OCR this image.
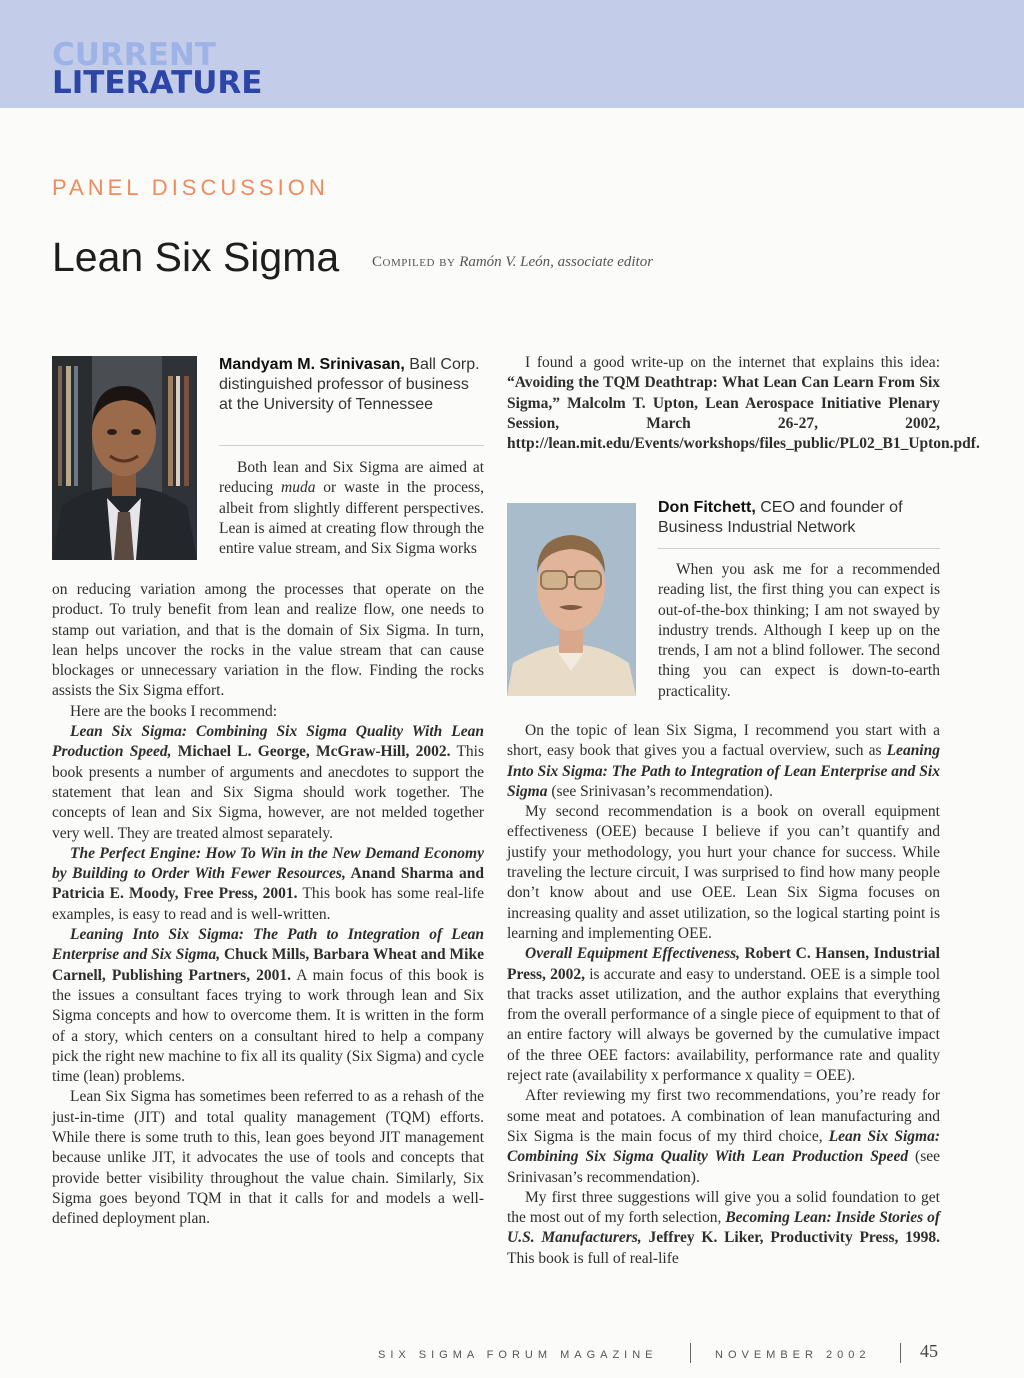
CURRENT
LITERATURE
PANEL DISCUSSION
Lean Six Sigma Compiled by Ramón V. León, associate editor
Mandyam M. Srinivasan, Ball Corp. distinguished professor of business at the University of Tennessee

Both lean and Six Sigma are aimed at reducing muda or waste in the process, albeit from slightly different perspectives. Lean is aimed at creating flow through the entire value stream, and Six Sigma works

on reducing variation among the processes that operate on the product. To truly benefit from lean and realize flow, one needs to stamp out variation, and that is the domain of Six Sigma. In turn, lean helps uncover the rocks in the value stream that can cause blockages or unnecessary variation in the flow. Finding the rocks assists the Six Sigma effort.

Here are the books I recommend:

Lean Six Sigma: Combining Six Sigma Quality With Lean Production Speed, Michael L. George, McGraw-Hill, 2002. This book presents a number of arguments and anecdotes to support the statement that lean and Six Sigma should work together. The concepts of lean and Six Sigma, however, are not melded together very well. They are treated almost separately.

The Perfect Engine: How To Win in the New Demand Economy by Building to Order With Fewer Resources, Anand Sharma and Patricia E. Moody, Free Press, 2001. This book has some real-life examples, is easy to read and is well-written.

Leaning Into Six Sigma: The Path to Integration of Lean Enterprise and Six Sigma, Chuck Mills, Barbara Wheat and Mike Carnell, Publishing Partners, 2001. A main focus of this book is the issues a consultant faces trying to work through lean and Six Sigma concepts and how to overcome them. It is written in the form of a story, which centers on a consultant hired to help a company pick the right new machine to fix all its quality (Six Sigma) and cycle time (lean) problems.

Lean Six Sigma has sometimes been referred to as a rehash of the just-in-time (JIT) and total quality management (TQM) efforts. While there is some truth to this, lean goes beyond JIT management because unlike JIT, it advocates the use of tools and concepts that provide better visibility throughout the value chain. Similarly, Six Sigma goes beyond TQM in that it calls for and models a well-defined deployment plan.

I found a good write-up on the internet that explains this idea: “Avoiding the TQM Deathtrap: What Lean Can Learn From Six Sigma,” Malcolm T. Upton, Lean Aerospace Initiative Plenary Session, March 26-27, 2002, http://lean.mit.edu/Events/workshops/files_public/PL02_B1_Upton.pdf.

Don Fitchett, CEO and founder of Business Industrial Network

When you ask me for a recommended reading list, the first thing you can expect is out-of-the-box thinking; I am not swayed by industry trends. Although I keep up on the trends, I am not a blind follower. The second thing you can expect is down-to-earth practicality.

On the topic of lean Six Sigma, I recommend you start with a short, easy book that gives you a factual overview, such as Leaning Into Six Sigma: The Path to Integration of Lean Enterprise and Six Sigma (see Srinivasan’s recommendation).

My second recommendation is a book on overall equipment effectiveness (OEE) because I believe if you can’t quantify and justify your methodology, you hurt your chance for success. While traveling the lecture circuit, I was surprised to find how many people don’t know about and use OEE. Lean Six Sigma focuses on increasing quality and asset utilization, so the logical starting point is learning and implementing OEE.

Overall Equipment Effectiveness, Robert C. Hansen, Industrial Press, 2002, is accurate and easy to understand. OEE is a simple tool that tracks asset utilization, and the author explains that everything from the overall performance of a single piece of equipment to that of an entire factory will always be governed by the cumulative impact of the three OEE factors: availability, performance rate and quality reject rate (availability x performance x quality = OEE).

After reviewing my first two recommendations, you’re ready for some meat and potatoes. A combination of lean manufacturing and Six Sigma is the main focus of my third choice, Lean Six Sigma: Combining Six Sigma Quality With Lean Production Speed (see Srinivasan’s recommendation).

My first three suggestions will give you a solid foundation to get the most out of my forth selection, Becoming Lean: Inside Stories of U.S. Manufacturers, Jeffrey K. Liker, Productivity Press, 1998. This book is full of real-life

SIX SIGMA FORUM MAGAZINE	NOVEMBER 2002	45
